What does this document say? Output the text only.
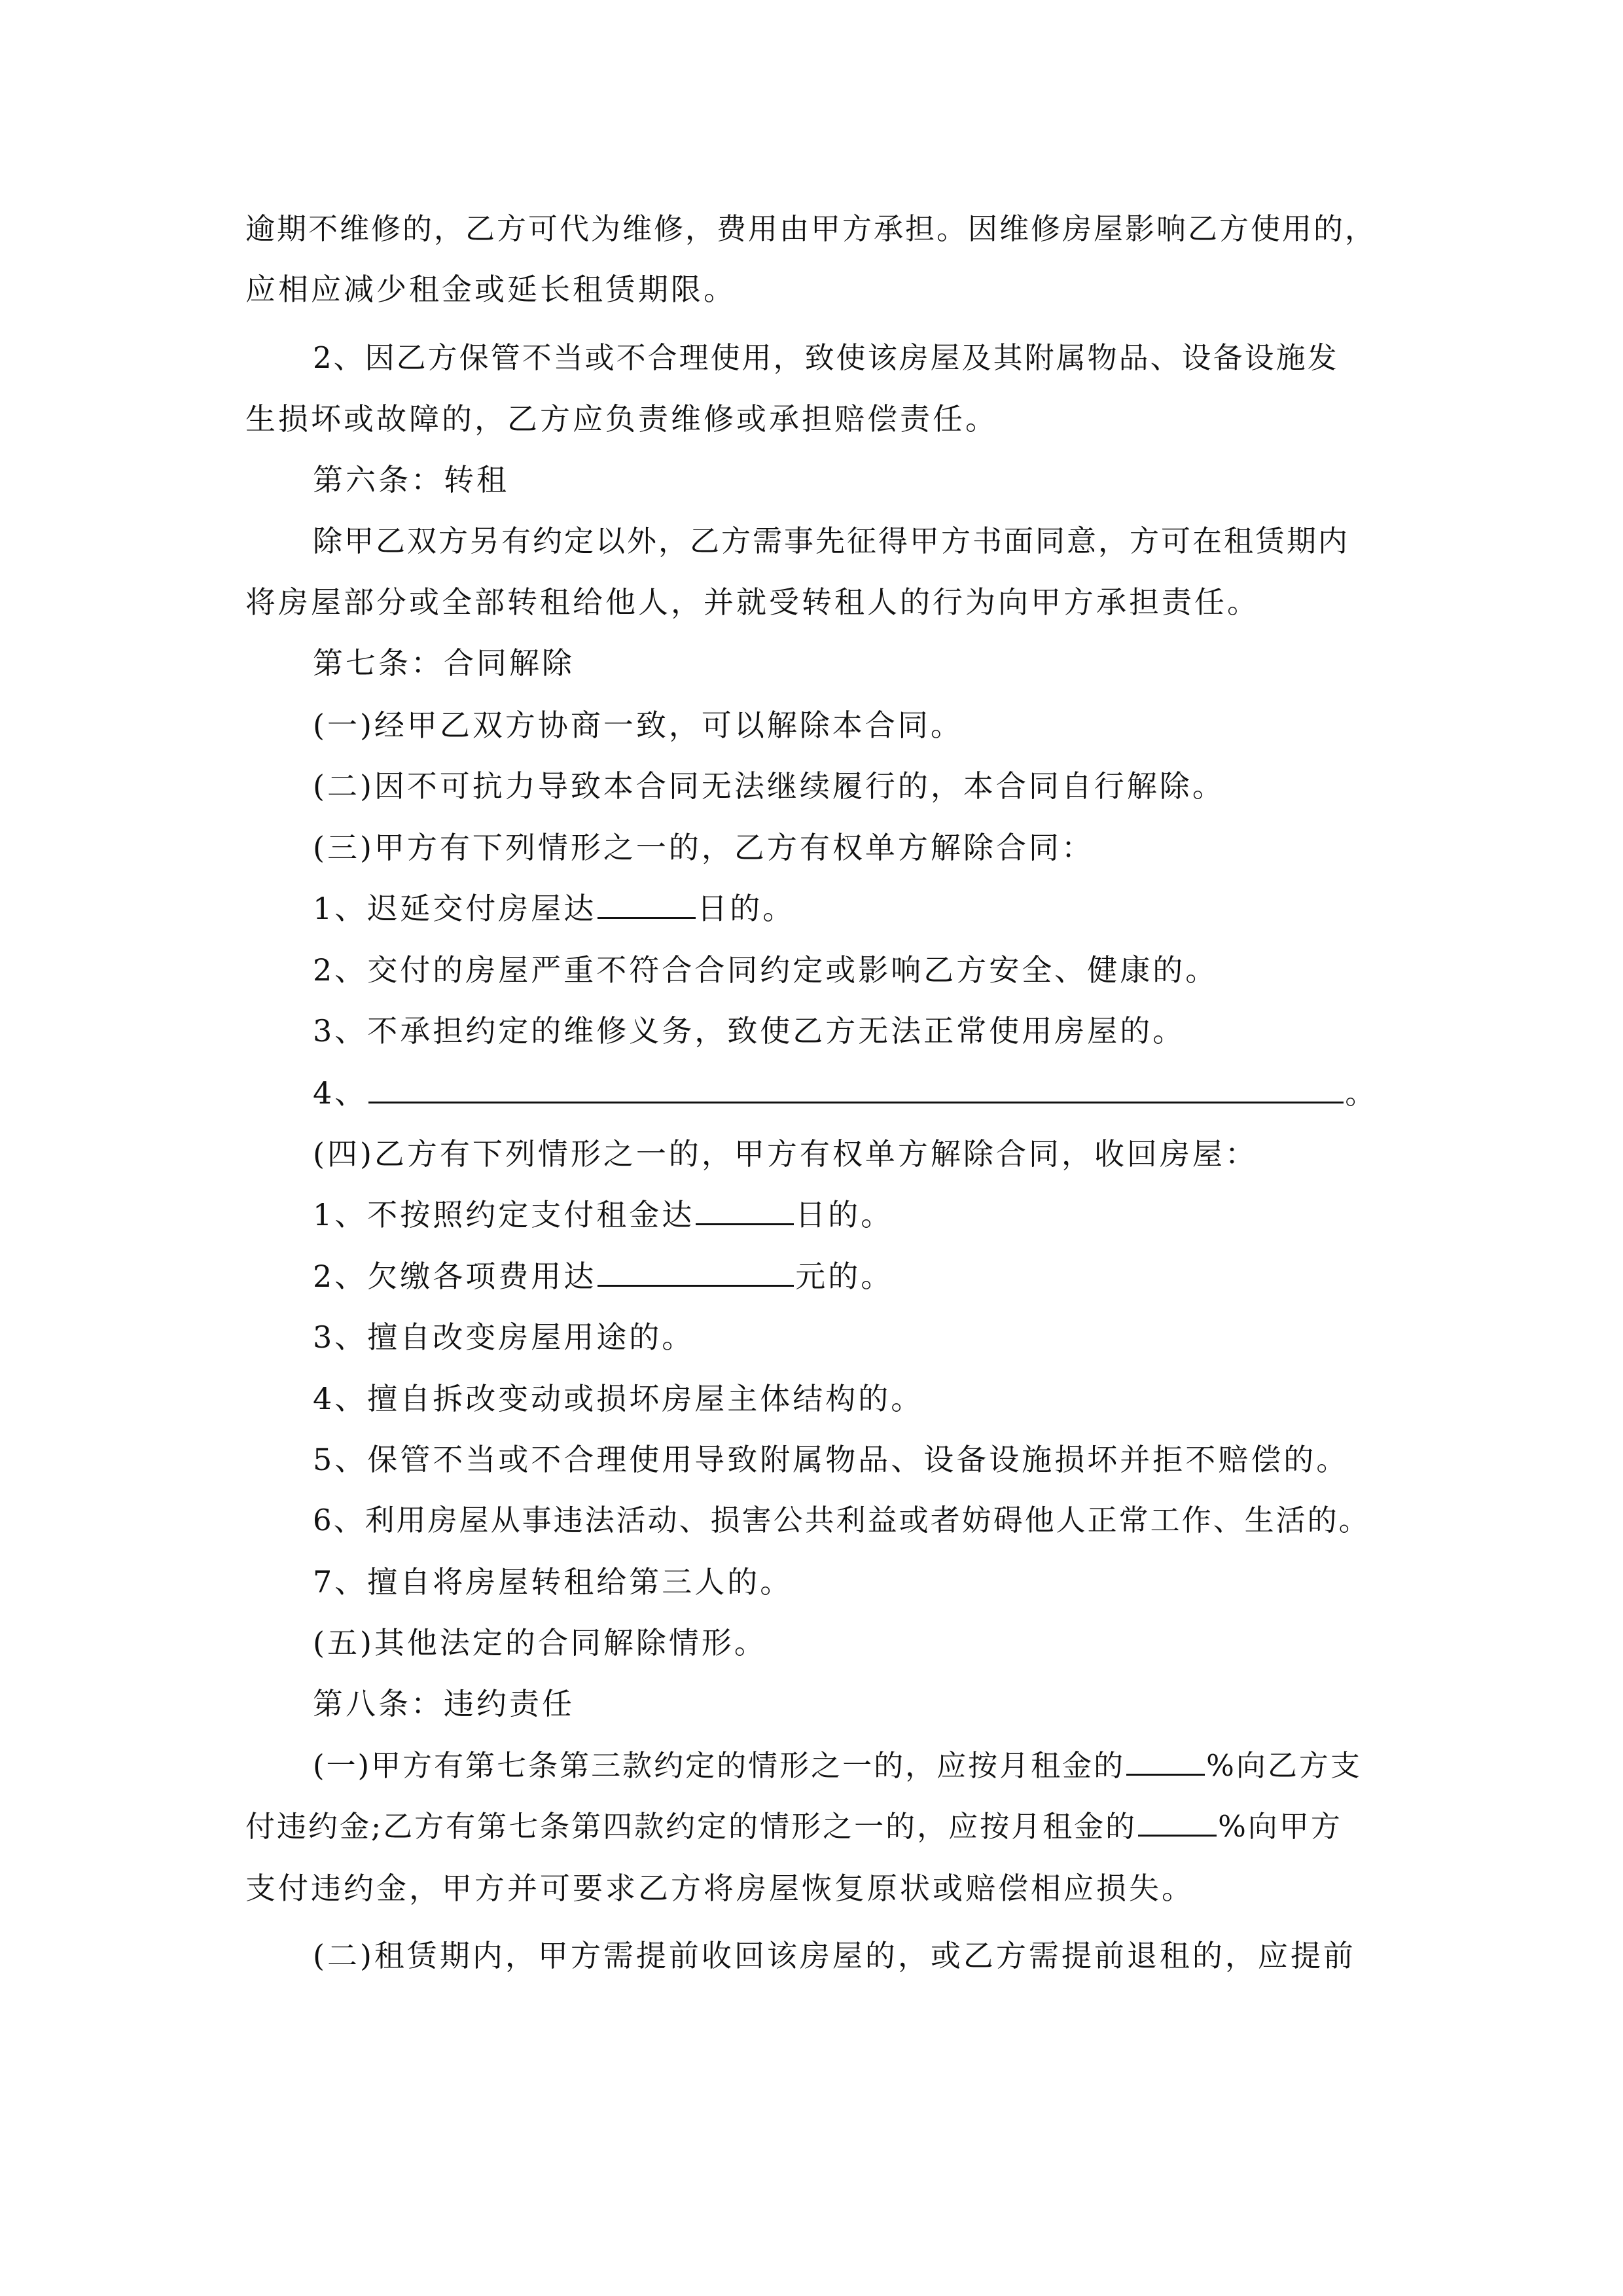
逾期不维修的，乙方可代为维修，费用由甲方承担。因维修房屋影响乙方使用的，
应相应减少租金或延长租赁期限。
2、因乙方保管不当或不合理使用，致使该房屋及其附属物品、设备设施发
生损坏或故障的，乙方应负责维修或承担赔偿责任。
第六条：转租
除甲乙双方另有约定以外，乙方需事先征得甲方书面同意，方可在租赁期内
将房屋部分或全部转租给他人，并就受转租人的行为向甲方承担责任。
第七条：合同解除
(一)经甲乙双方协商一致，可以解除本合同。
(二)因不可抗力导致本合同无法继续履行的，本合同自行解除。
(三)甲方有下列情形之一的，乙方有权单方解除合同：
1、迟延交付房屋达	日的。
2、交付的房屋严重不符合合同约定或影响乙方安全、健康的。
3、不承担约定的维修义务，致使乙方无法正常使用房屋的。
4、	。
(四)乙方有下列情形之一的，甲方有权单方解除合同，收回房屋：
1、不按照约定支付租金达	日的。
2、欠缴各项费用达	元的。
3、擅自改变房屋用途的。
4、擅自拆改变动或损坏房屋主体结构的。
5、保管不当或不合理使用导致附属物品、设备设施损坏并拒不赔偿的。
6、利用房屋从事违法活动、损害公共利益或者妨碍他人正常工作、生活的。
7、擅自将房屋转租给第三人的。
(五)其他法定的合同解除情形。
第八条：违约责任
(一)甲方有第七条第三款约定的情形之一的，应按月租金的	%向乙方支
付违约金;乙方有第七条第四款约定的情形之一的，应按月租金的	%向甲方
支付违约金，甲方并可要求乙方将房屋恢复原状或赔偿相应损失。
(二)租赁期内，甲方需提前收回该房屋的，或乙方需提前退租的，应提前
